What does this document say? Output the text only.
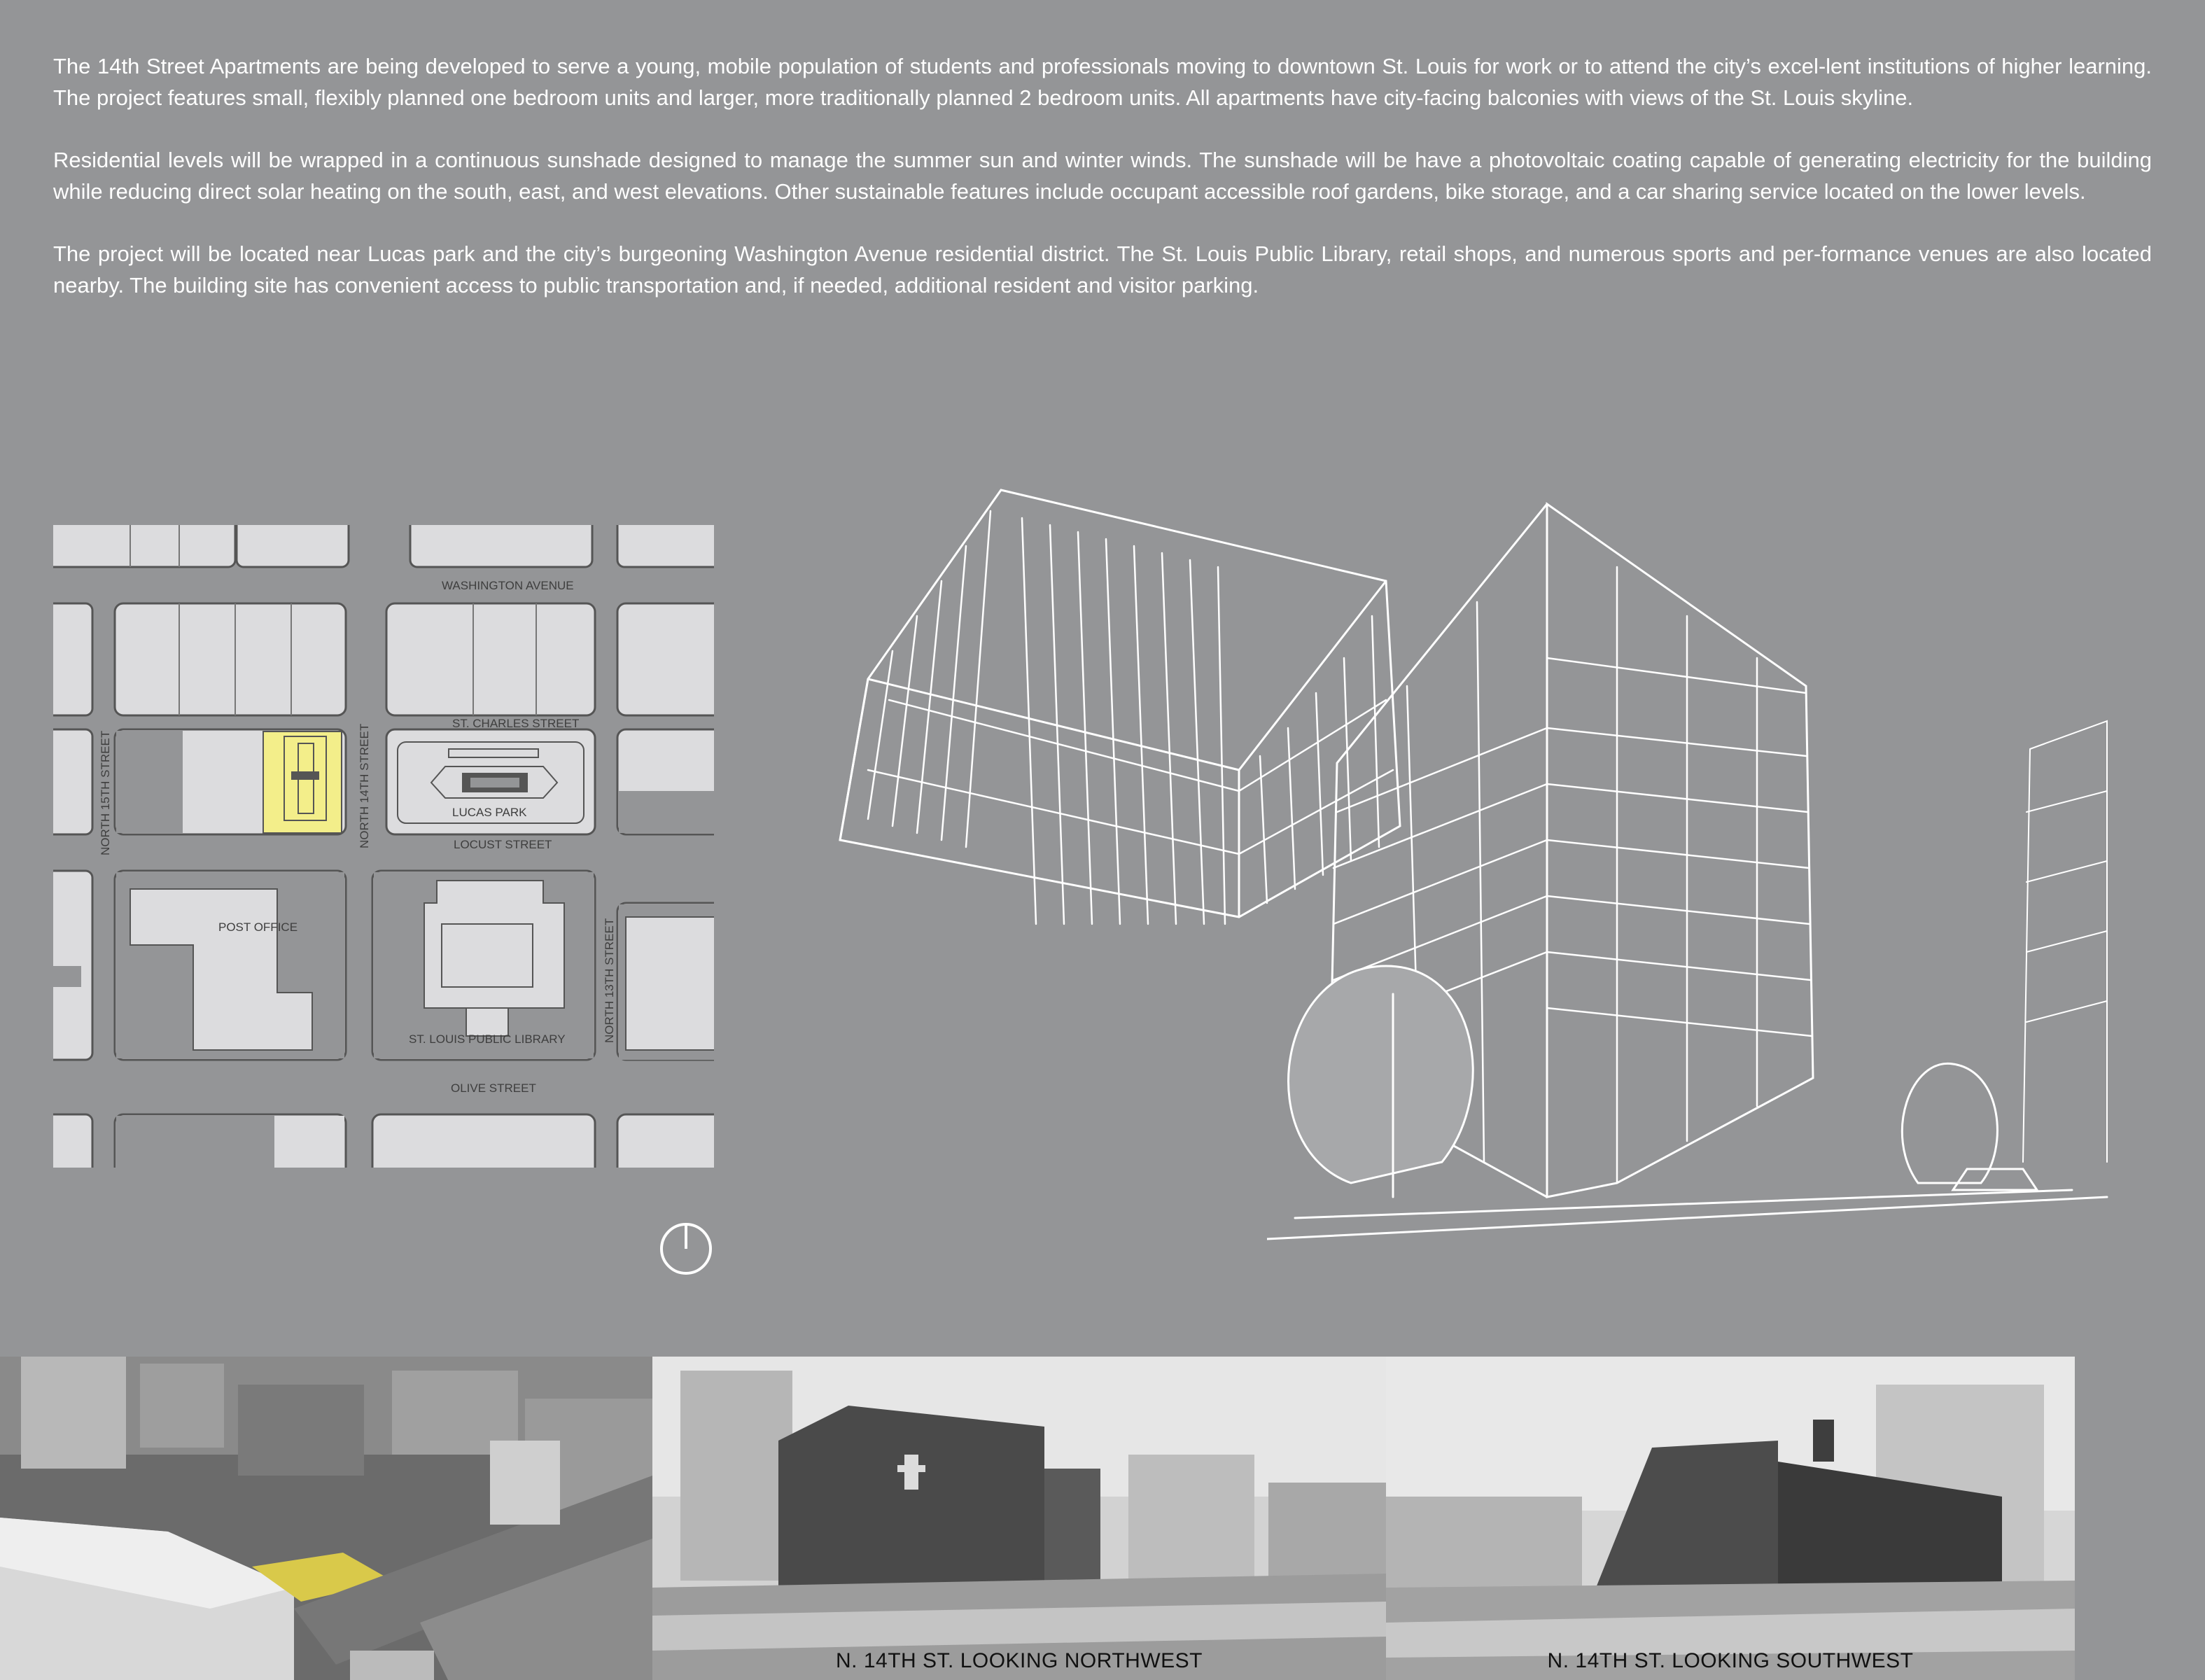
The 14th Street Apartments are being developed to serve a young, mobile population of students and professionals moving to downtown St. Louis for work or to attend the city’s excel-lent institutions of higher learning. The project features small, flexibly planned one bedroom units and larger, more traditionally planned 2 bedroom units. All apartments have city-facing balconies with views of the St. Louis skyline.

Residential levels will be wrapped in a continuous sunshade designed to manage the summer sun and winter winds. The sunshade will be have a photovoltaic coating capable of generating electricity for the building while reducing direct solar heating on the south, east, and west elevations. Other sustainable features include occupant accessible roof gardens, bike storage, and a car sharing service located on the lower levels.

The project will be located near Lucas park and the city’s burgeoning Washington Avenue residential district. The St. Louis Public Library, retail shops, and numerous sports and per-formance venues are also located nearby. The building site has convenient access to public transportation and, if needed, additional resident and visitor parking.

WASHINGTON AVENUE
ST. CHARLES STREET
LUCAS PARK
LOCUST STREET
POST OFFICE
ST. LOUIS PUBLIC LIBRARY
OLIVE STREET
NORTH 15TH STREET	NORTH 14TH STREET
NORTH 13TH STREET
N. 14TH ST. LOOKING NORTHWEST	N. 14TH ST. LOOKING SOUTHWEST
